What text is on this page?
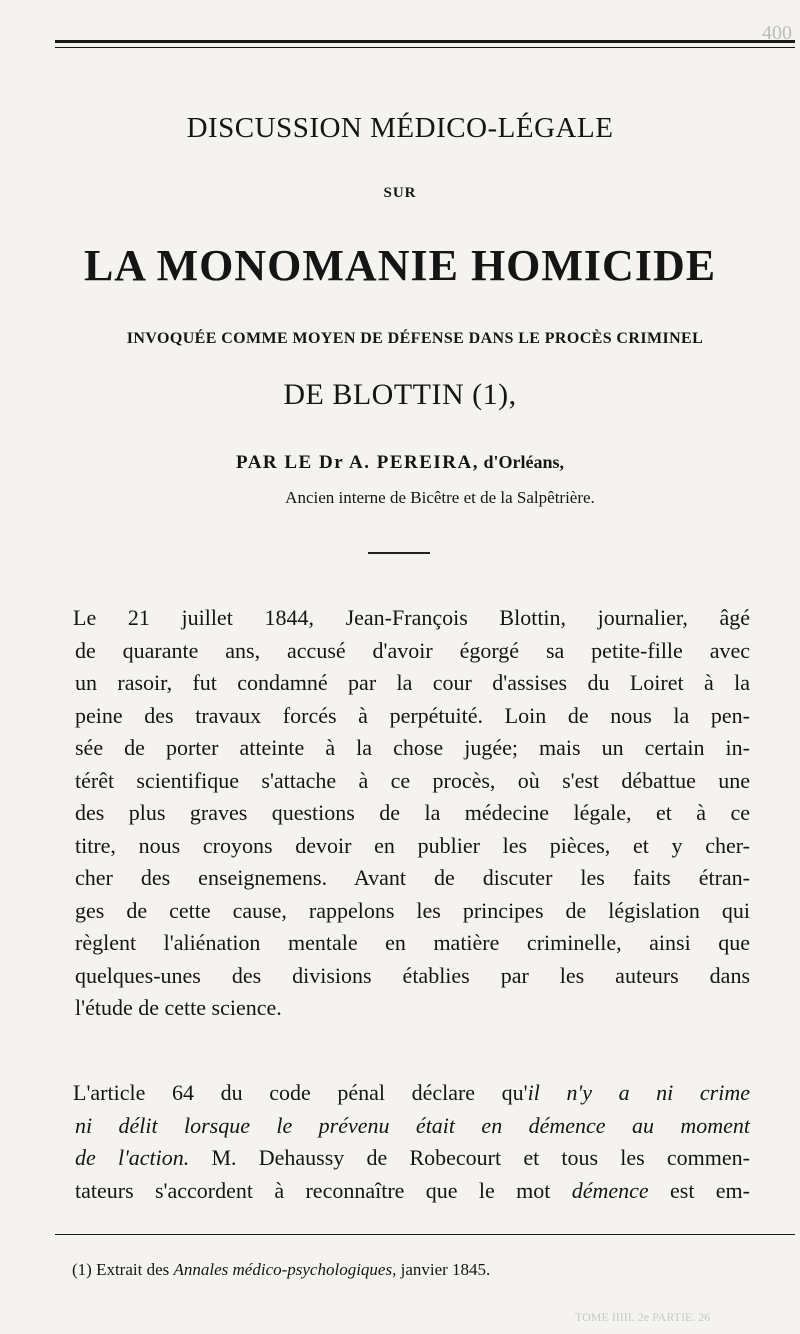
400
DISCUSSION MÉDICO-LÉGALE
SUR
LA MONOMANIE HOMICIDE
INVOQUÉE COMME MOYEN DE DÉFENSE DANS LE PROCÈS CRIMINEL
DE BLOTTIN (1),
PAR LE Dr A. PEREIRA, d'Orléans,
Ancien interne de Bicêtre et de la Salpêtrière.
Le 21 juillet 1844, Jean-François Blottin, journalier, âgé
de quarante ans, accusé d'avoir égorgé sa petite-fille avec
un rasoir, fut condamné par la cour d'assises du Loiret à la
peine des travaux forcés à perpétuité. Loin de nous la pen-
sée de porter atteinte à la chose jugée; mais un certain in-
térêt scientifique s'attache à ce procès, où s'est débattue une
des plus graves questions de la médecine légale, et à ce
titre, nous croyons devoir en publier les pièces, et y cher-
cher des enseignemens. Avant de discuter les faits étran-
ges de cette cause, rappelons les principes de législation qui
règlent l'aliénation mentale en matière criminelle, ainsi que
quelques-unes des divisions établies par les auteurs dans
l'étude de cette science.
L'article 64 du code pénal déclare qu'il n'y a ni crime
ni délit lorsque le prévenu était en démence au moment
de l'action. M. Dehaussy de Robecourt et tous les commen-
tateurs s'accordent à reconnaître que le mot démence est em-
(1) Extrait des Annales médico-psychologiques, janvier 1845.
TOME IIIII. 2e PARTIE. 26
